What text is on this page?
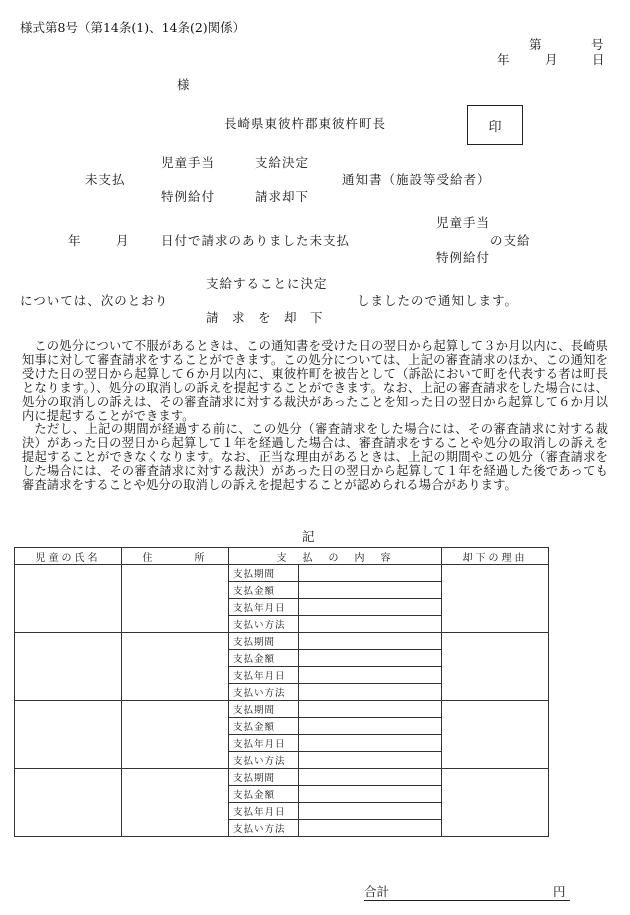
様式第8号（第14条(1)、14条(2)関係）
第	号
年	月	日
様
長崎県東彼杵郡東彼杵町長	印
児童手当	支給決定
未支払	通知書（施設等受給者）
特例給付	請求却下
児童手当
年	月	日付で請求のありました未支払	の支給
特例給付
支給することに決定
については、次のとおり	しましたので通知します。
請　求　を　却　下

この処分について不服があるときは、この通知書を受けた日の翌日から起算して３か月以内に、長崎県知事に対して審査請求をすることができます。この処分については、上記の審査請求のほか、この通知を受けた日の翌日から起算して６か月以内に、東彼杵町を被告として（訴訟において町を代表する者は町長となります。）、処分の取消しの訴えを提起することができます。なお、上記の審査請求をした場合には、処分の取消しの訴えは、その審査請求に対する裁決があったことを知った日の翌日から起算して６か月以内に提起することができます。

ただし、上記の期間が経過する前に、この処分（審査請求をした場合には、その審査請求に対する裁決）があった日の翌日から起算して１年を経過した場合は、審査請求をすることや処分の取消しの訴えを提起することができなくなります。なお、正当な理由があるときは、上記の期間やこの処分（審査請求をした場合には、その審査請求に対する裁決）があった日の翌日から起算して１年を経過した後であっても審査請求をすることや処分の取消しの訴えを提起することが認められる場合があります。

記
児童の氏名	住　　　所	支　払　の　内　容		却下の理由
		支払期間		
		支払金額		
		支払年月日		
		支払い方法		
		支払期間		
		支払金額		
		支払年月日		
		支払い方法		
		支払期間		
		支払金額		
		支払年月日		
		支払い方法		
		支払期間		
		支払金額		
		支払年月日		
		支払い方法		
合計	円
